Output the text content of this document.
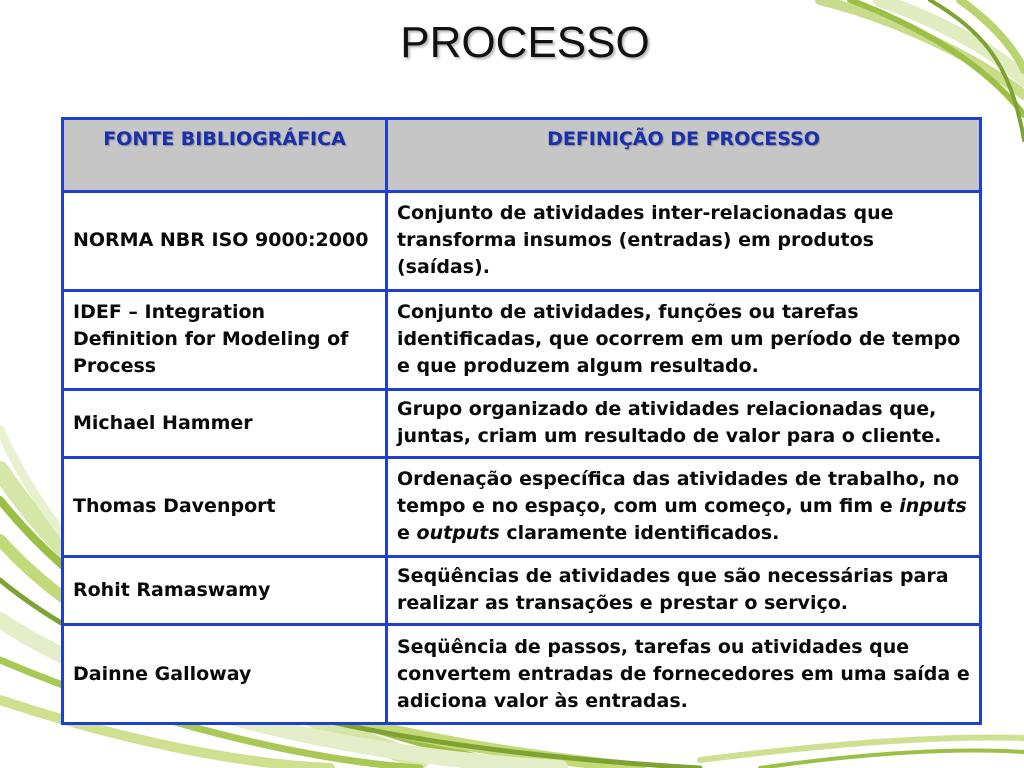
PROCESSO
FONTE BIBLIOGRÁFICA	DEFINIÇÃO DE PROCESSO
NORMA NBR ISO 9000:2000	Conjunto de atividades inter-relacionadas que transforma insumos (entradas) em produtos (saídas).
IDEF – Integration Definition for Modeling of Process	Conjunto de atividades, funções ou tarefas identificadas, que ocorrem em um período de tempo e que produzem algum resultado.
Michael Hammer	Grupo organizado de atividades relacionadas que, juntas, criam um resultado de valor para o cliente.
Thomas Davenport	Ordenação específica das atividades de trabalho, no tempo e no espaço, com um começo, um fim e inputs e outputs claramente identificados.
Rohit Ramaswamy	Seqüências de atividades que são necessárias para realizar as transações e prestar o serviço.
Dainne Galloway	Seqüência de passos, tarefas ou atividades que convertem entradas de fornecedores em uma saída e adiciona valor às entradas.
